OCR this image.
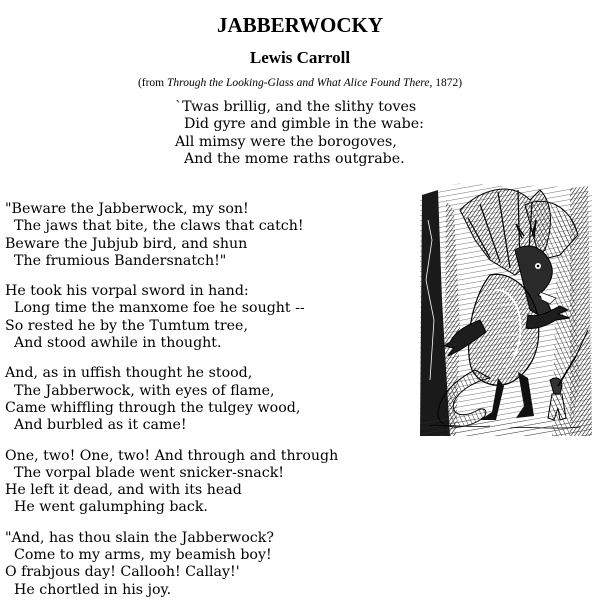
JABBERWOCKY
Lewis Carroll
(from Through the Looking-Glass and What Alice Found There, 1872)
`Twas brillig, and the slithy toves
Did gyre and gimble in the wabe:
All mimsy were the borogoves,
And the mome raths outgrabe.
"Beware the Jabberwock, my son!
The jaws that bite, the claws that catch!
Beware the Jubjub bird, and shun
The frumious Bandersnatch!"
He took his vorpal sword in hand:
Long time the manxome foe he sought --
So rested he by the Tumtum tree,
And stood awhile in thought.
And, as in uffish thought he stood,
The Jabberwock, with eyes of flame,
Came whiffling through the tulgey wood,
And burbled as it came!
One, two! One, two! And through and through
The vorpal blade went snicker-snack!
He left it dead, and with its head
He went galumphing back.
"And, has thou slain the Jabberwock?
Come to my arms, my beamish boy!
O frabjous day! Callooh! Callay!'
He chortled in his joy.
